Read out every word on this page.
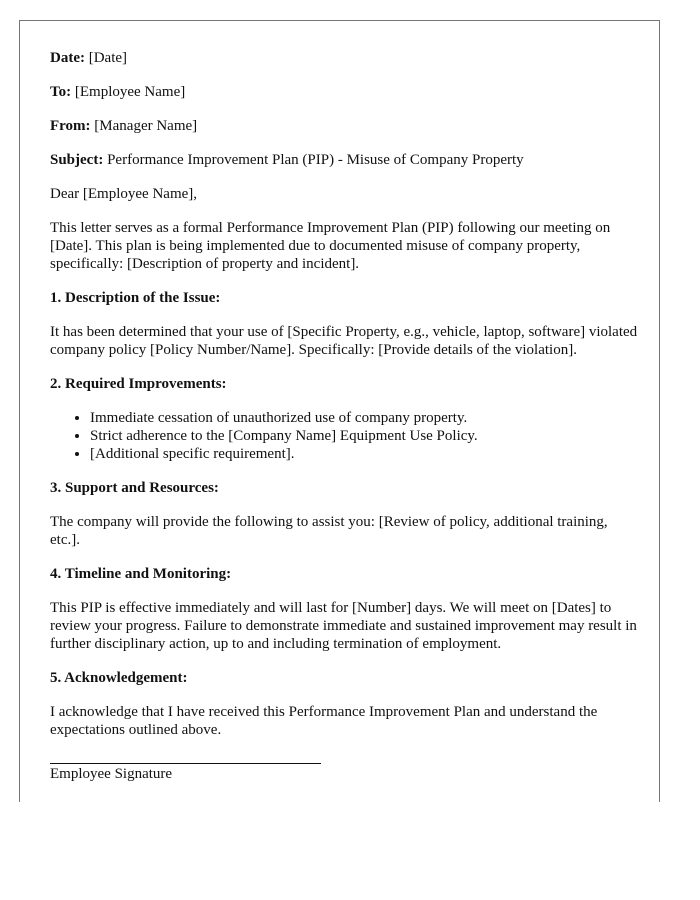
Date: [Date]

To: [Employee Name]

From: [Manager Name]

Subject: Performance Improvement Plan (PIP) - Misuse of Company Property

Dear [Employee Name],

This letter serves as a formal Performance Improvement Plan (PIP) following our meeting on [Date]. This plan is being implemented due to documented misuse of company property, specifically: [Description of property and incident].

1. Description of the Issue:

It has been determined that your use of [Specific Property, e.g., vehicle, laptop, software] violated company policy [Policy Number/Name]. Specifically: [Provide details of the violation].

2. Required Improvements:
• Immediate cessation of unauthorized use of company property.
• Strict adherence to the [Company Name] Equipment Use Policy.
• [Additional specific requirement].
3. Support and Resources:

The company will provide the following to assist you: [Review of policy, additional training, etc.].

4. Timeline and Monitoring:

This PIP is effective immediately and will last for [Number] days. We will meet on [Dates] to review your progress. Failure to demonstrate immediate and sustained improvement may result in further disciplinary action, up to and including termination of employment.

5. Acknowledgement:

I acknowledge that I have received this Performance Improvement Plan and understand the expectations outlined above.

Employee Signature
